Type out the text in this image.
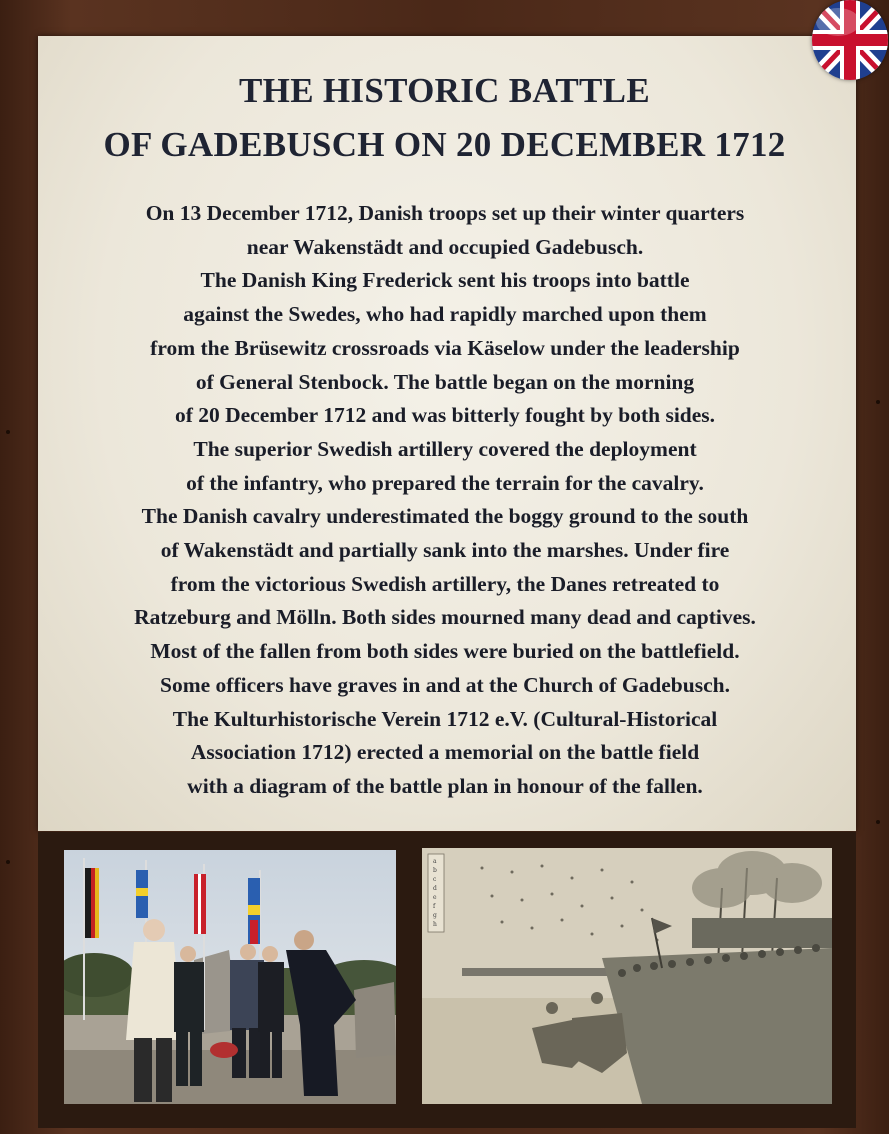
THE HISTORIC BATTLE
OF GADEBUSCH ON 20 DECEMBER 1712
On 13 December 1712, Danish troops set up their winter quarters
near Wakenstädt and occupied Gadebusch.
The Danish King Frederick sent his troops into battle
against the Swedes, who had rapidly marched upon them
from the Brüsewitz crossroads via Käselow under the leadership
of General Stenbock. The battle began on the morning
of 20 December 1712 and was bitterly fought by both sides.
The superior Swedish artillery covered the deployment
of the infantry, who prepared the terrain for the cavalry.
The Danish cavalry underestimated the boggy ground to the south
of Wakenstädt and partially sank into the marshes. Under fire
from the victorious Swedish artillery, the Danes retreated to
Ratzeburg and Mölln. Both sides mourned many dead and captives.
Most of the fallen from both sides were buried on the battlefield.
Some officers have graves in and at the Church of Gadebusch.
The Kulturhistorische Verein 1712 e.V. (Cultural-Historical
Association 1712) erected a memorial on the battle field
with a diagram of the battle plan in honour of the fallen.
a
b
c
d
e
f
g
h
